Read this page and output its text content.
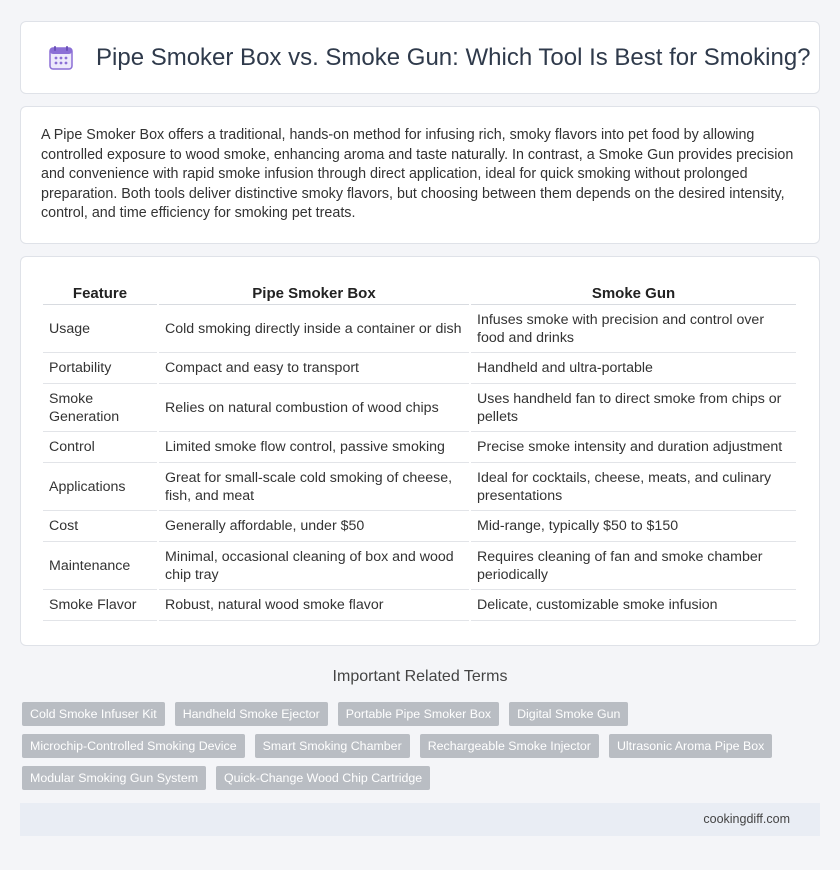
Pipe Smoker Box vs. Smoke Gun: Which Tool Is Best for Smoking?

A Pipe Smoker Box offers a traditional, hands-on method for infusing rich, smoky flavors into pet food by allowing controlled exposure to wood smoke, enhancing aroma and taste naturally. In contrast, a Smoke Gun provides precision and convenience with rapid smoke infusion through direct application, ideal for quick smoking without prolonged preparation. Both tools deliver distinctive smoky flavors, but choosing between them depends on the desired intensity, control, and time efficiency for smoking pet treats.

Feature	Pipe Smoker Box	Smoke Gun
Usage	Cold smoking directly inside a container or dish	Infuses smoke with precision and control over food and drinks
Portability	Compact and easy to transport	Handheld and ultra-portable
Smoke Generation	Relies on natural combustion of wood chips	Uses handheld fan to direct smoke from chips or pellets
Control	Limited smoke flow control, passive smoking	Precise smoke intensity and duration adjustment
Applications	Great for small-scale cold smoking of cheese, fish, and meat	Ideal for cocktails, cheese, meats, and culinary presentations
Cost	Generally affordable, under $50	Mid-range, typically $50 to $150
Maintenance	Minimal, occasional cleaning of box and wood chip tray	Requires cleaning of fan and smoke chamber periodically
Smoke Flavor	Robust, natural wood smoke flavor	Delicate, customizable smoke infusion
Important Related Terms
Cold Smoke Infuser Kit	Handheld Smoke Ejector	Portable Pipe Smoker Box	Digital Smoke Gun
Microchip-Controlled Smoking Device	Smart Smoking Chamber	Rechargeable Smoke Injector	Ultrasonic Aroma Pipe Box
Modular Smoking Gun System	Quick-Change Wood Chip Cartridge
cookingdiff.com
